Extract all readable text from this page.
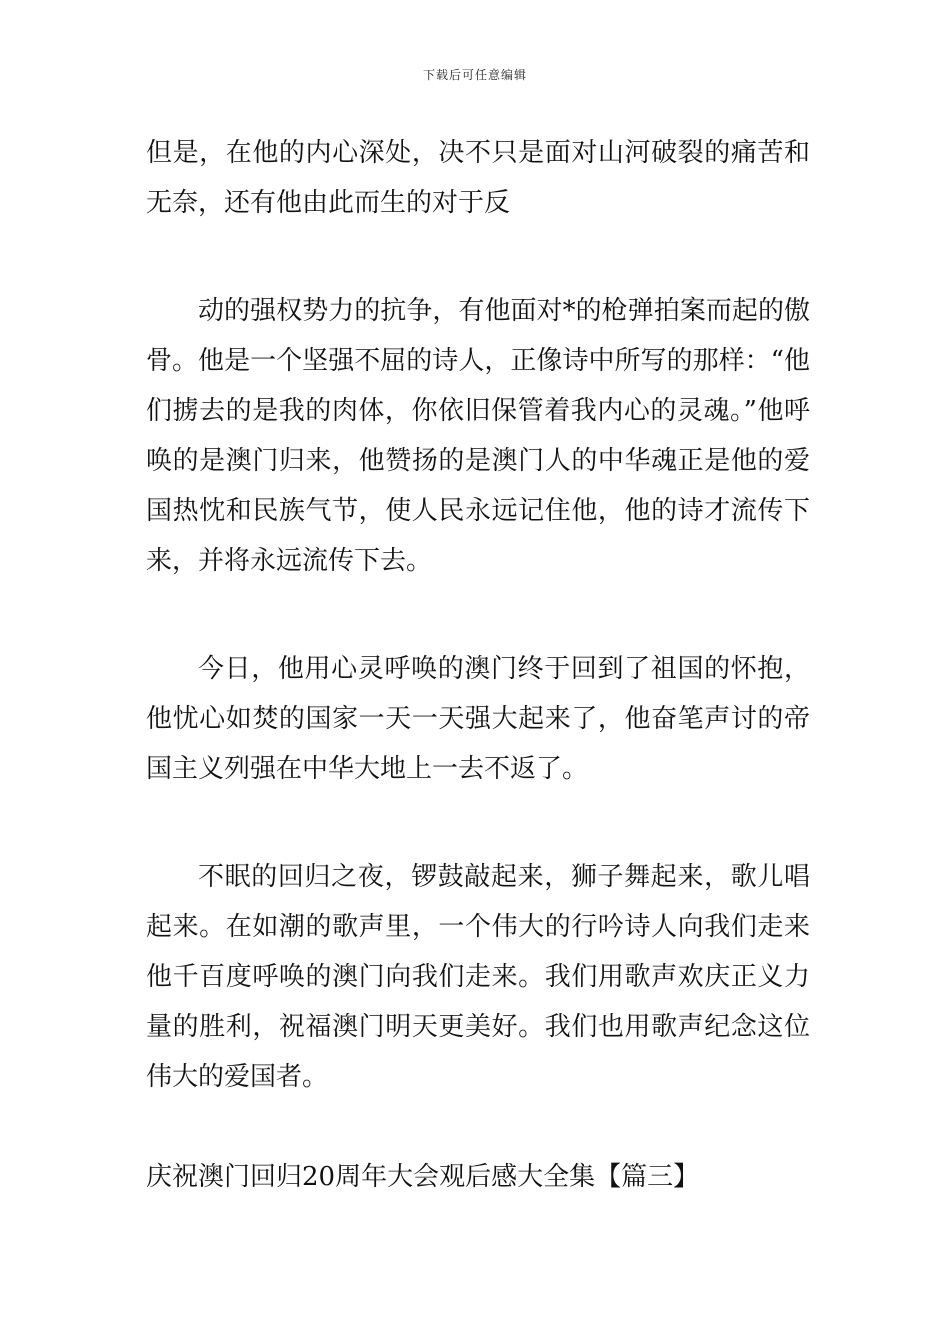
下载后可任意编辑

但是，在他的内心深处，决不只是面对山河破裂的痛苦和无奈，还有他由此而生的对于反

动的强权势力的抗争，有他面对*的枪弹拍案而起的傲骨。他是一个坚强不屈的诗人，正像诗中所写的那样：“他们掳去的是我的肉体，你依旧保管着我内心的灵魂。”他呼唤的是澳门归来，他赞扬的是澳门人的中华魂正是他的爱国热忱和民族气节，使人民永远记住他，他的诗才流传下来，并将永远流传下去。

今日，他用心灵呼唤的澳门终于回到了祖国的怀抱，他忧心如焚的国家一天一天强大起来了，他奋笔声讨的帝国主义列强在中华大地上一去不返了。

不眠的回归之夜，锣鼓敲起来，狮子舞起来，歌儿唱起来。在如潮的歌声里，一个伟大的行吟诗人向我们走来他千百度呼唤的澳门向我们走来。我们用歌声欢庆正义力量的胜利，祝福澳门明天更美好。我们也用歌声纪念这位伟大的爱国者。

庆祝澳门回归20周年大会观后感大全集【篇三】
